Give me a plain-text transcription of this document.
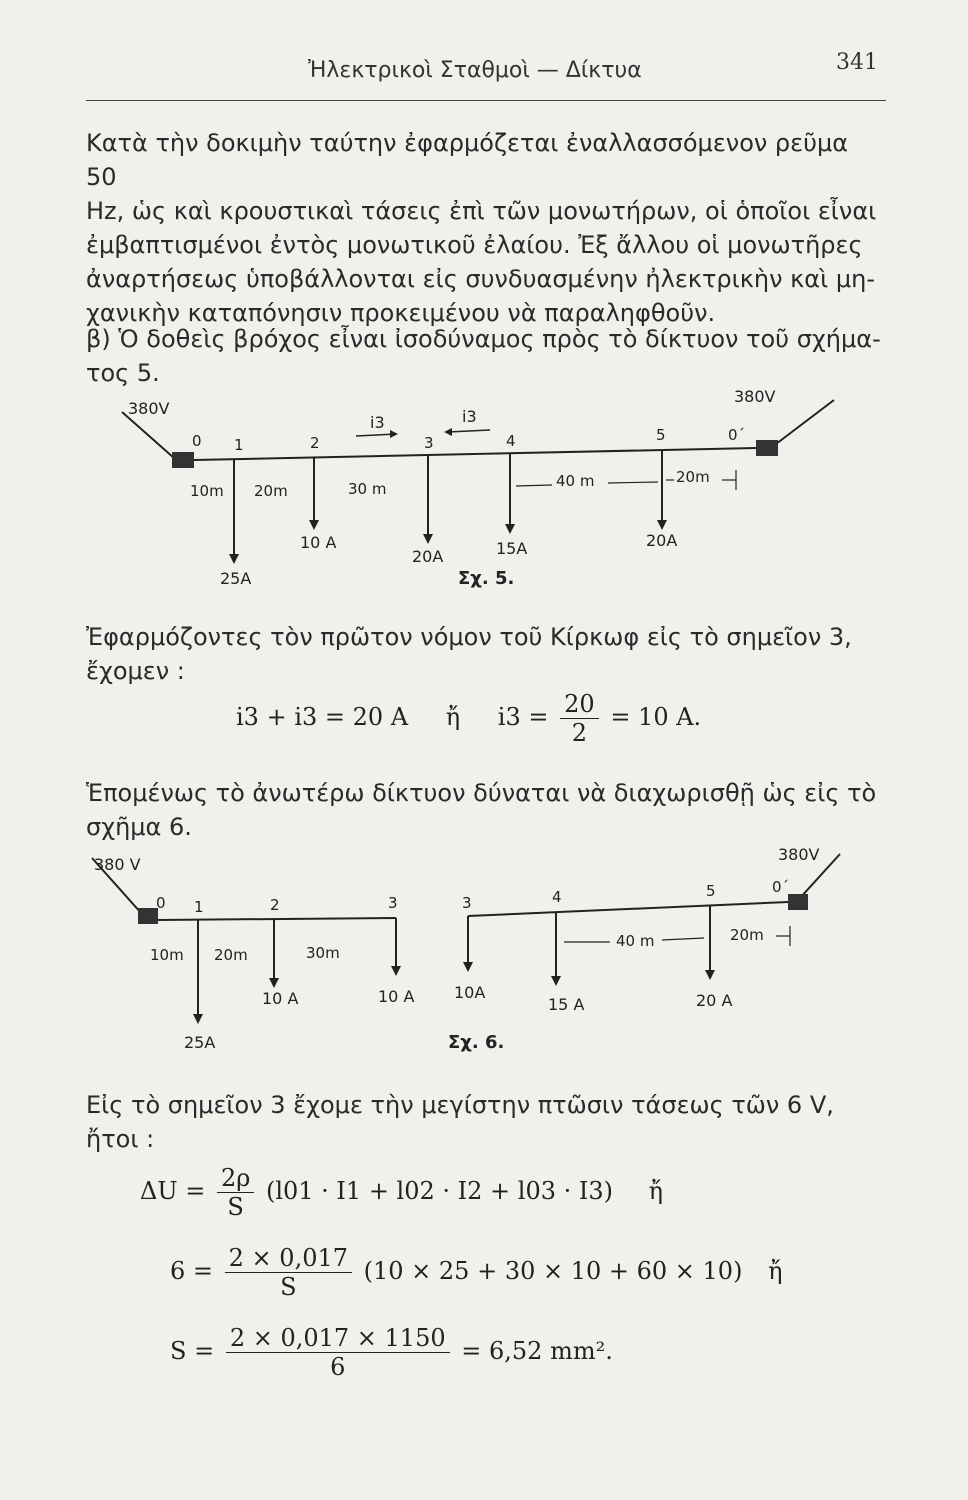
Ἠλεκτρικοὶ Σταθμοὶ — Δίκτυα	341

Κατὰ τὴν δοκιμὴν ταύτην ἐφαρμόζεται ἐναλλασσόμενον ρεῦμα 50

Hz, ὡς καὶ κρουστικαὶ τάσεις ἐπὶ τῶν μονωτήρων, οἱ ὁποῖοι εἶναι

ἐμβαπτισμένοι ἐντὸς μονωτικοῦ ἐλαίου. Ἐξ ἄλλου οἱ μονωτῆρες

ἀναρτήσεως ὑποβάλλονται εἰς συνδυασμένην ἠλεκτρικὴν καὶ μη-

χανικὴν καταπόνησιν προκειμένου νὰ παραληφθοῦν.

β) Ὁ δοθεὶς βρόχος εἶναι ἰσοδύναμος πρὸς τὸ δίκτυον τοῦ σχήμα-

τος 5.

380V
380V
0 1	2	3	4	5	0΄
i3	i3
25A
10 A
20A	15A	20A
10m 20m	30 m	40 m	20m
Σχ. 5.

Ἐφαρμόζοντες τὸν πρῶτον νόμον τοῦ Κίρκωφ εἰς τὸ σημεῖον 3,

ἔχομεν :

i3 + i3 = 20 A ἤ $i3 = \frac{20}{2} = 10$ A.

Ἑπομένως τὸ ἀνωτέρω δίκτυον δύναται νὰ διαχωρισθῇ ὡς εἰς τὸ

σχῆμα 6.

380 V
380V
0 1	2	3
10m 20m	30m
25A
10 A	10 A
3	4	5	0΄
40 m	20m
10A
15 A	20 A
Σχ. 6.

Εἰς τὸ σημεῖον 3 ἔχομε τὴν μεγίστην πτῶσιν τάσεως τῶν 6 V,

ἤτοι :

$\Delta U = \frac{2\rho}{S} (l01 \cdot I1 + l02 \cdot I2 + l03 \cdot I3)$ ἤ
$6 = \frac{2 \times 0,017}{S} (10 \times 25 + 30 \times 10 + 60 \times 10)$ ἤ
$S = \frac{2 \times 0,017 \times 1150}{6} = 6,52$ mm².
